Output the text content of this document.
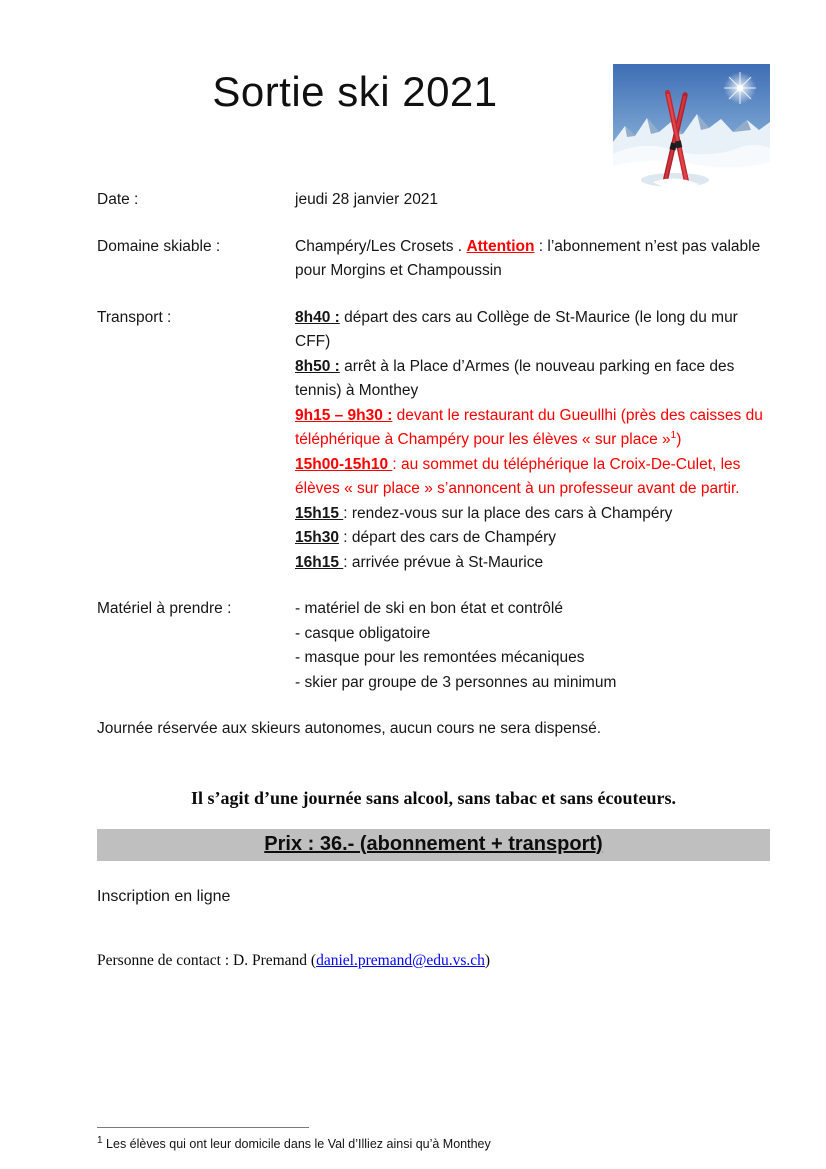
Sortie ski 2021
Date :	jeudi 28 janvier 2021
Domaine skiable :	Champéry/Les Crosets . Attention : l’abonnement n’est pas valable pour Morgins et Champoussin
Transport :	8h40 : départ des cars au Collège de St-Maurice (le long du mur CFF)
8h50 : arrêt à la Place d’Armes (le nouveau parking en face des tennis) à Monthey
9h15 – 9h30 : devant le restaurant du Gueullhi (près des caisses du téléphérique à Champéry pour les élèves « sur place »$^1$)
15h00-15h10 : au sommet du téléphérique la Croix-De-Culet, les élèves « sur place » s’annoncent à un professeur avant de partir.
15h15 : rendez-vous sur la place des cars à Champéry
15h30 : départ des cars de Champéry
16h15 : arrivée prévue à St-Maurice
Matériel à prendre :	- matériel de ski en bon état et contrôlé
- casque obligatoire
- masque pour les remontées mécaniques
- skier par groupe de 3 personnes au minimum

Journée réservée aux skieurs autonomes, aucun cours ne sera dispensé.

Il s’agit d’une journée sans alcool, sans tabac et sans écouteurs.

Prix : 36.- (abonnement + transport)

Inscription en ligne

Personne de contact : D. Premand (daniel.premand@edu.vs.ch)

$^1$ Les élèves qui ont leur domicile dans le Val d’Illiez ainsi qu’à Monthey
